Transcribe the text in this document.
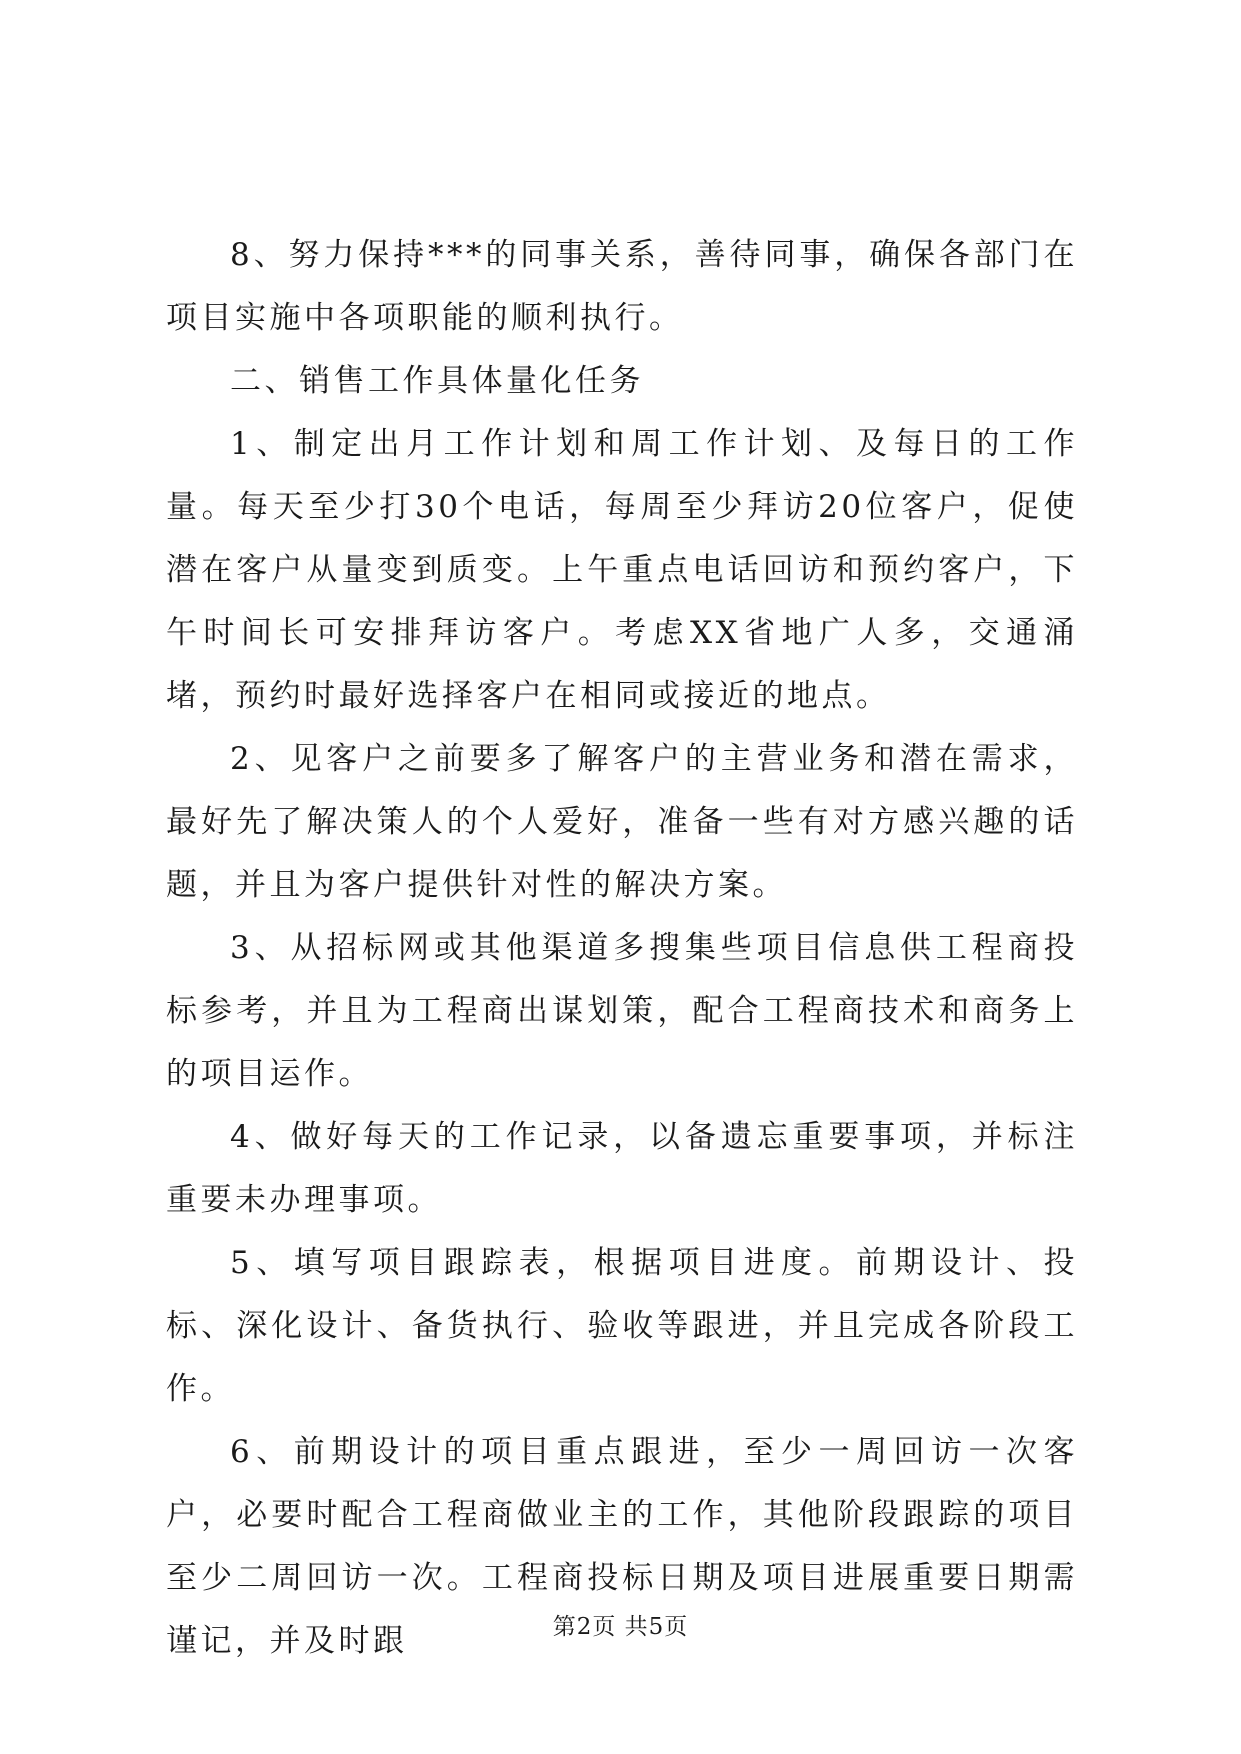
8、努力保持***的同事关系，善待同事，确保各部门在项目实施中各项职能的顺利执行。

二、销售工作具体量化任务

1、制定出月工作计划和周工作计划、及每日的工作量。每天至少打30个电话，每周至少拜访20位客户，促使潜在客户从量变到质变。上午重点电话回访和预约客户，下午时间长可安排拜访客户。考虑XX省地广人多，交通涌堵，预约时最好选择客户在相同或接近的地点。

2、见客户之前要多了解客户的主营业务和潜在需求，最好先了解决策人的个人爱好，准备一些有对方感兴趣的话题，并且为客户提供针对性的解决方案。

3、从招标网或其他渠道多搜集些项目信息供工程商投标参考，并且为工程商出谋划策，配合工程商技术和商务上的项目运作。

4、做好每天的工作记录，以备遗忘重要事项，并标注重要未办理事项。

5、填写项目跟踪表，根据项目进度。前期设计、投标、深化设计、备货执行、验收等跟进，并且完成各阶段工作。

6、前期设计的项目重点跟进，至少一周回访一次客户，必要时配合工程商做业主的工作，其他阶段跟踪的项目至少二周回访一次。工程商投标日期及项目进展重要日期需谨记，并及时跟	第2页 共5页
